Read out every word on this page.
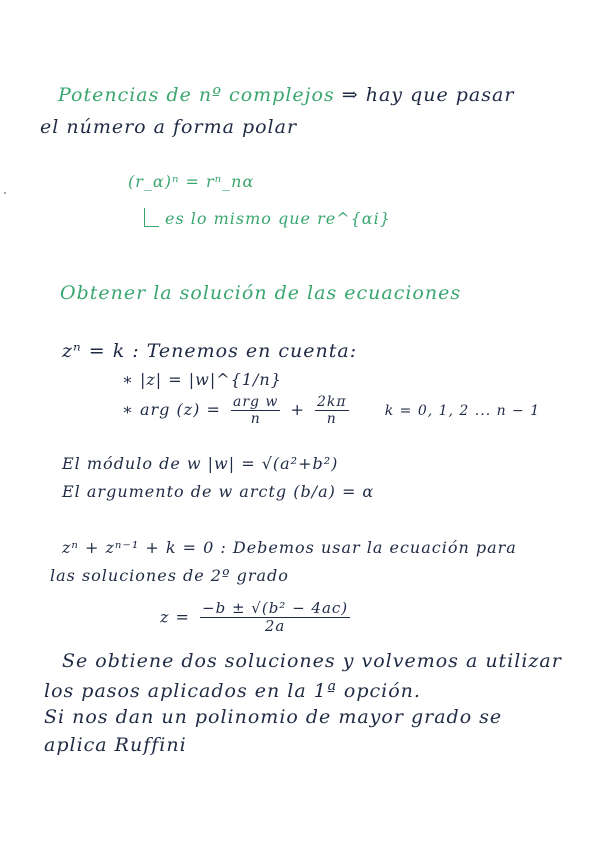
Potencias de nº complejos ⇒ hay que pasar
el número a forma polar
(r_α)ⁿ = rⁿ_nα
es lo mismo que re^{αi}
Obtener la solución de las ecuaciones
zⁿ = k : Tenemos en cuenta:
∗ |z| = |w|^{1/n}
∗ arg $(z) = \frac{\text{arg w}}{n} + \frac{2k\pi}{n}$	k = 0, 1, 2 ... n − 1
El módulo de w |w| = √(a²+b²)
El argumento de w arctg (b/a) = α
zⁿ + zⁿ⁻¹ + k = 0 : Debemos usar la ecuación para
las soluciones de 2º grado
$z = \frac{\text{−b ± √(b² − 4ac)}}{2a}$
Se obtiene dos soluciones y volvemos a utilizar
los pasos aplicados en la 1ª opción.
Si nos dan un polinomio de mayor grado se
aplica Ruffini
